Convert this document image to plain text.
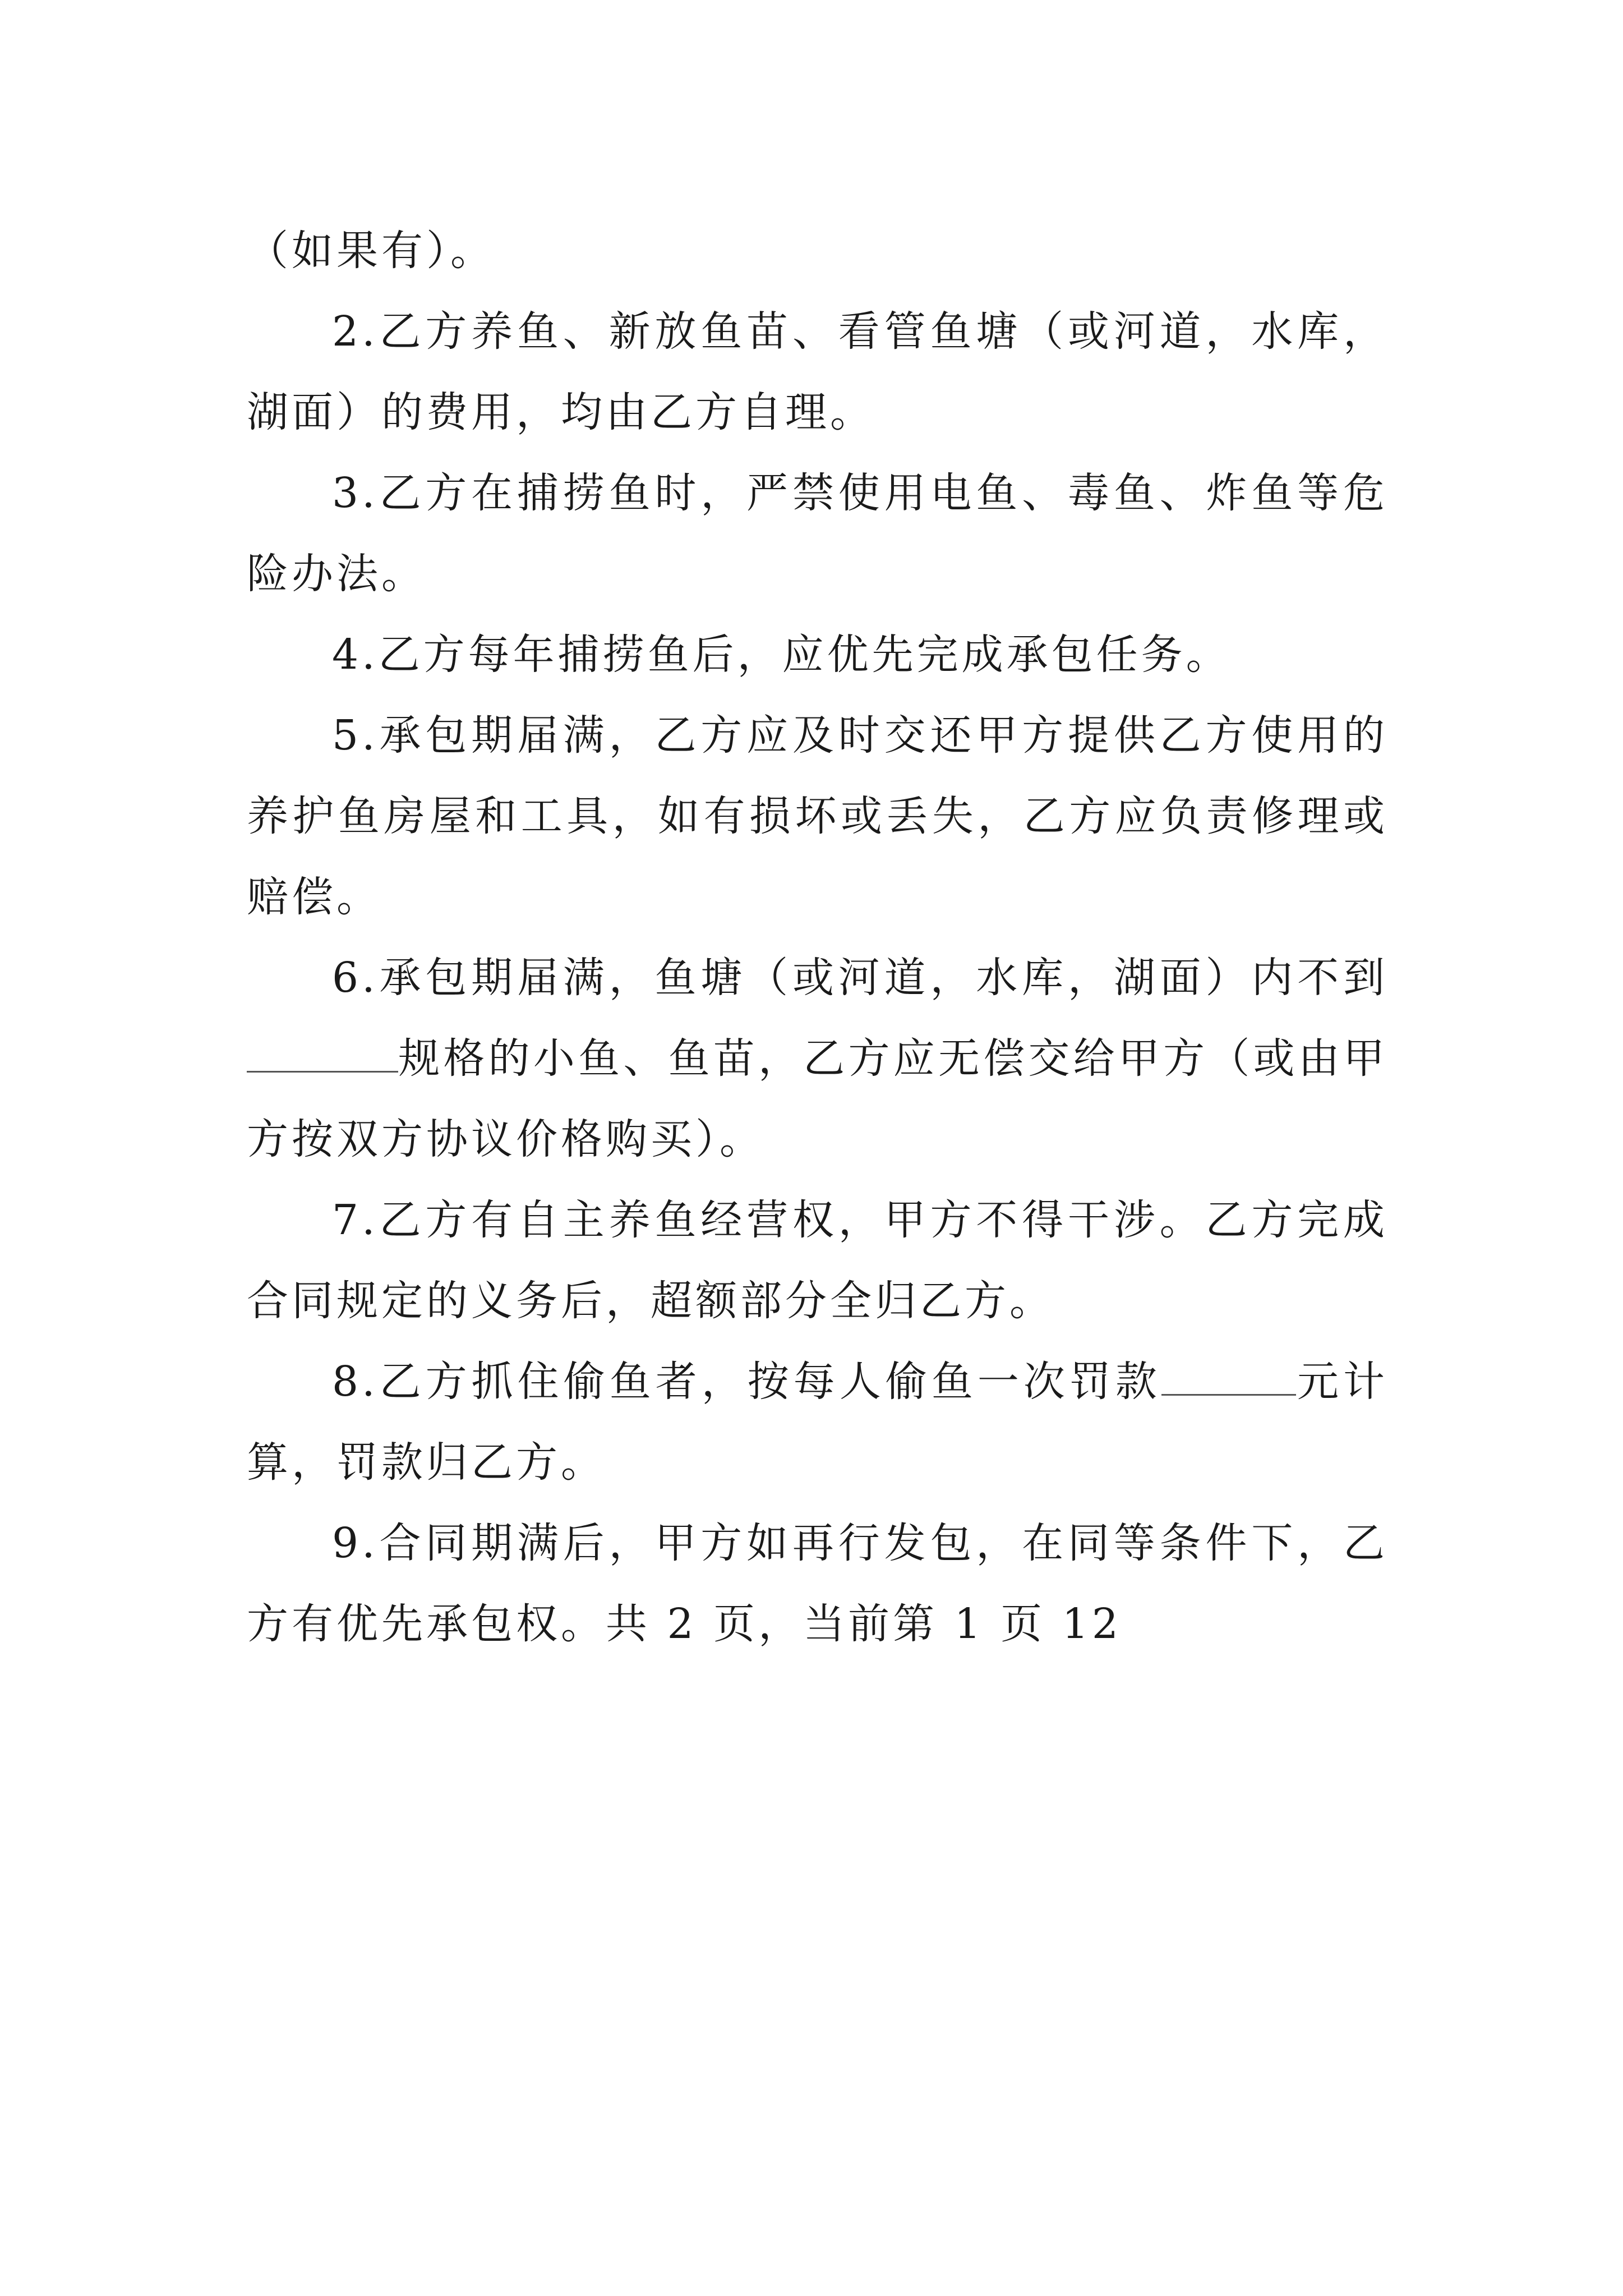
（如果有）。

2.乙方养鱼、新放鱼苗、看管鱼塘（或河道，水库，湖面）的费用，均由乙方自理。

3.乙方在捕捞鱼时，严禁使用电鱼、毒鱼、炸鱼等危险办法。

4.乙方每年捕捞鱼后，应优先完成承包任务。

5.承包期届满，乙方应及时交还甲方提供乙方使用的养护鱼房屋和工具，如有损坏或丢失，乙方应负责修理或赔偿。

6.承包期届满，鱼塘（或河道，水库，湖面）内不到规格的小鱼、鱼苗，乙方应无偿交给甲方（或由甲方按双方协议价格购买）。

7.乙方有自主养鱼经营权，甲方不得干涉。乙方完成合同规定的义务后，超额部分全归乙方。

8.乙方抓住偷鱼者，按每人偷鱼一次罚款	元计算，罚款归乙方。

9.合同期满后，甲方如再行发包，在同等条件下，乙方有优先承包权。共 2 页，当前第 1 页 12
